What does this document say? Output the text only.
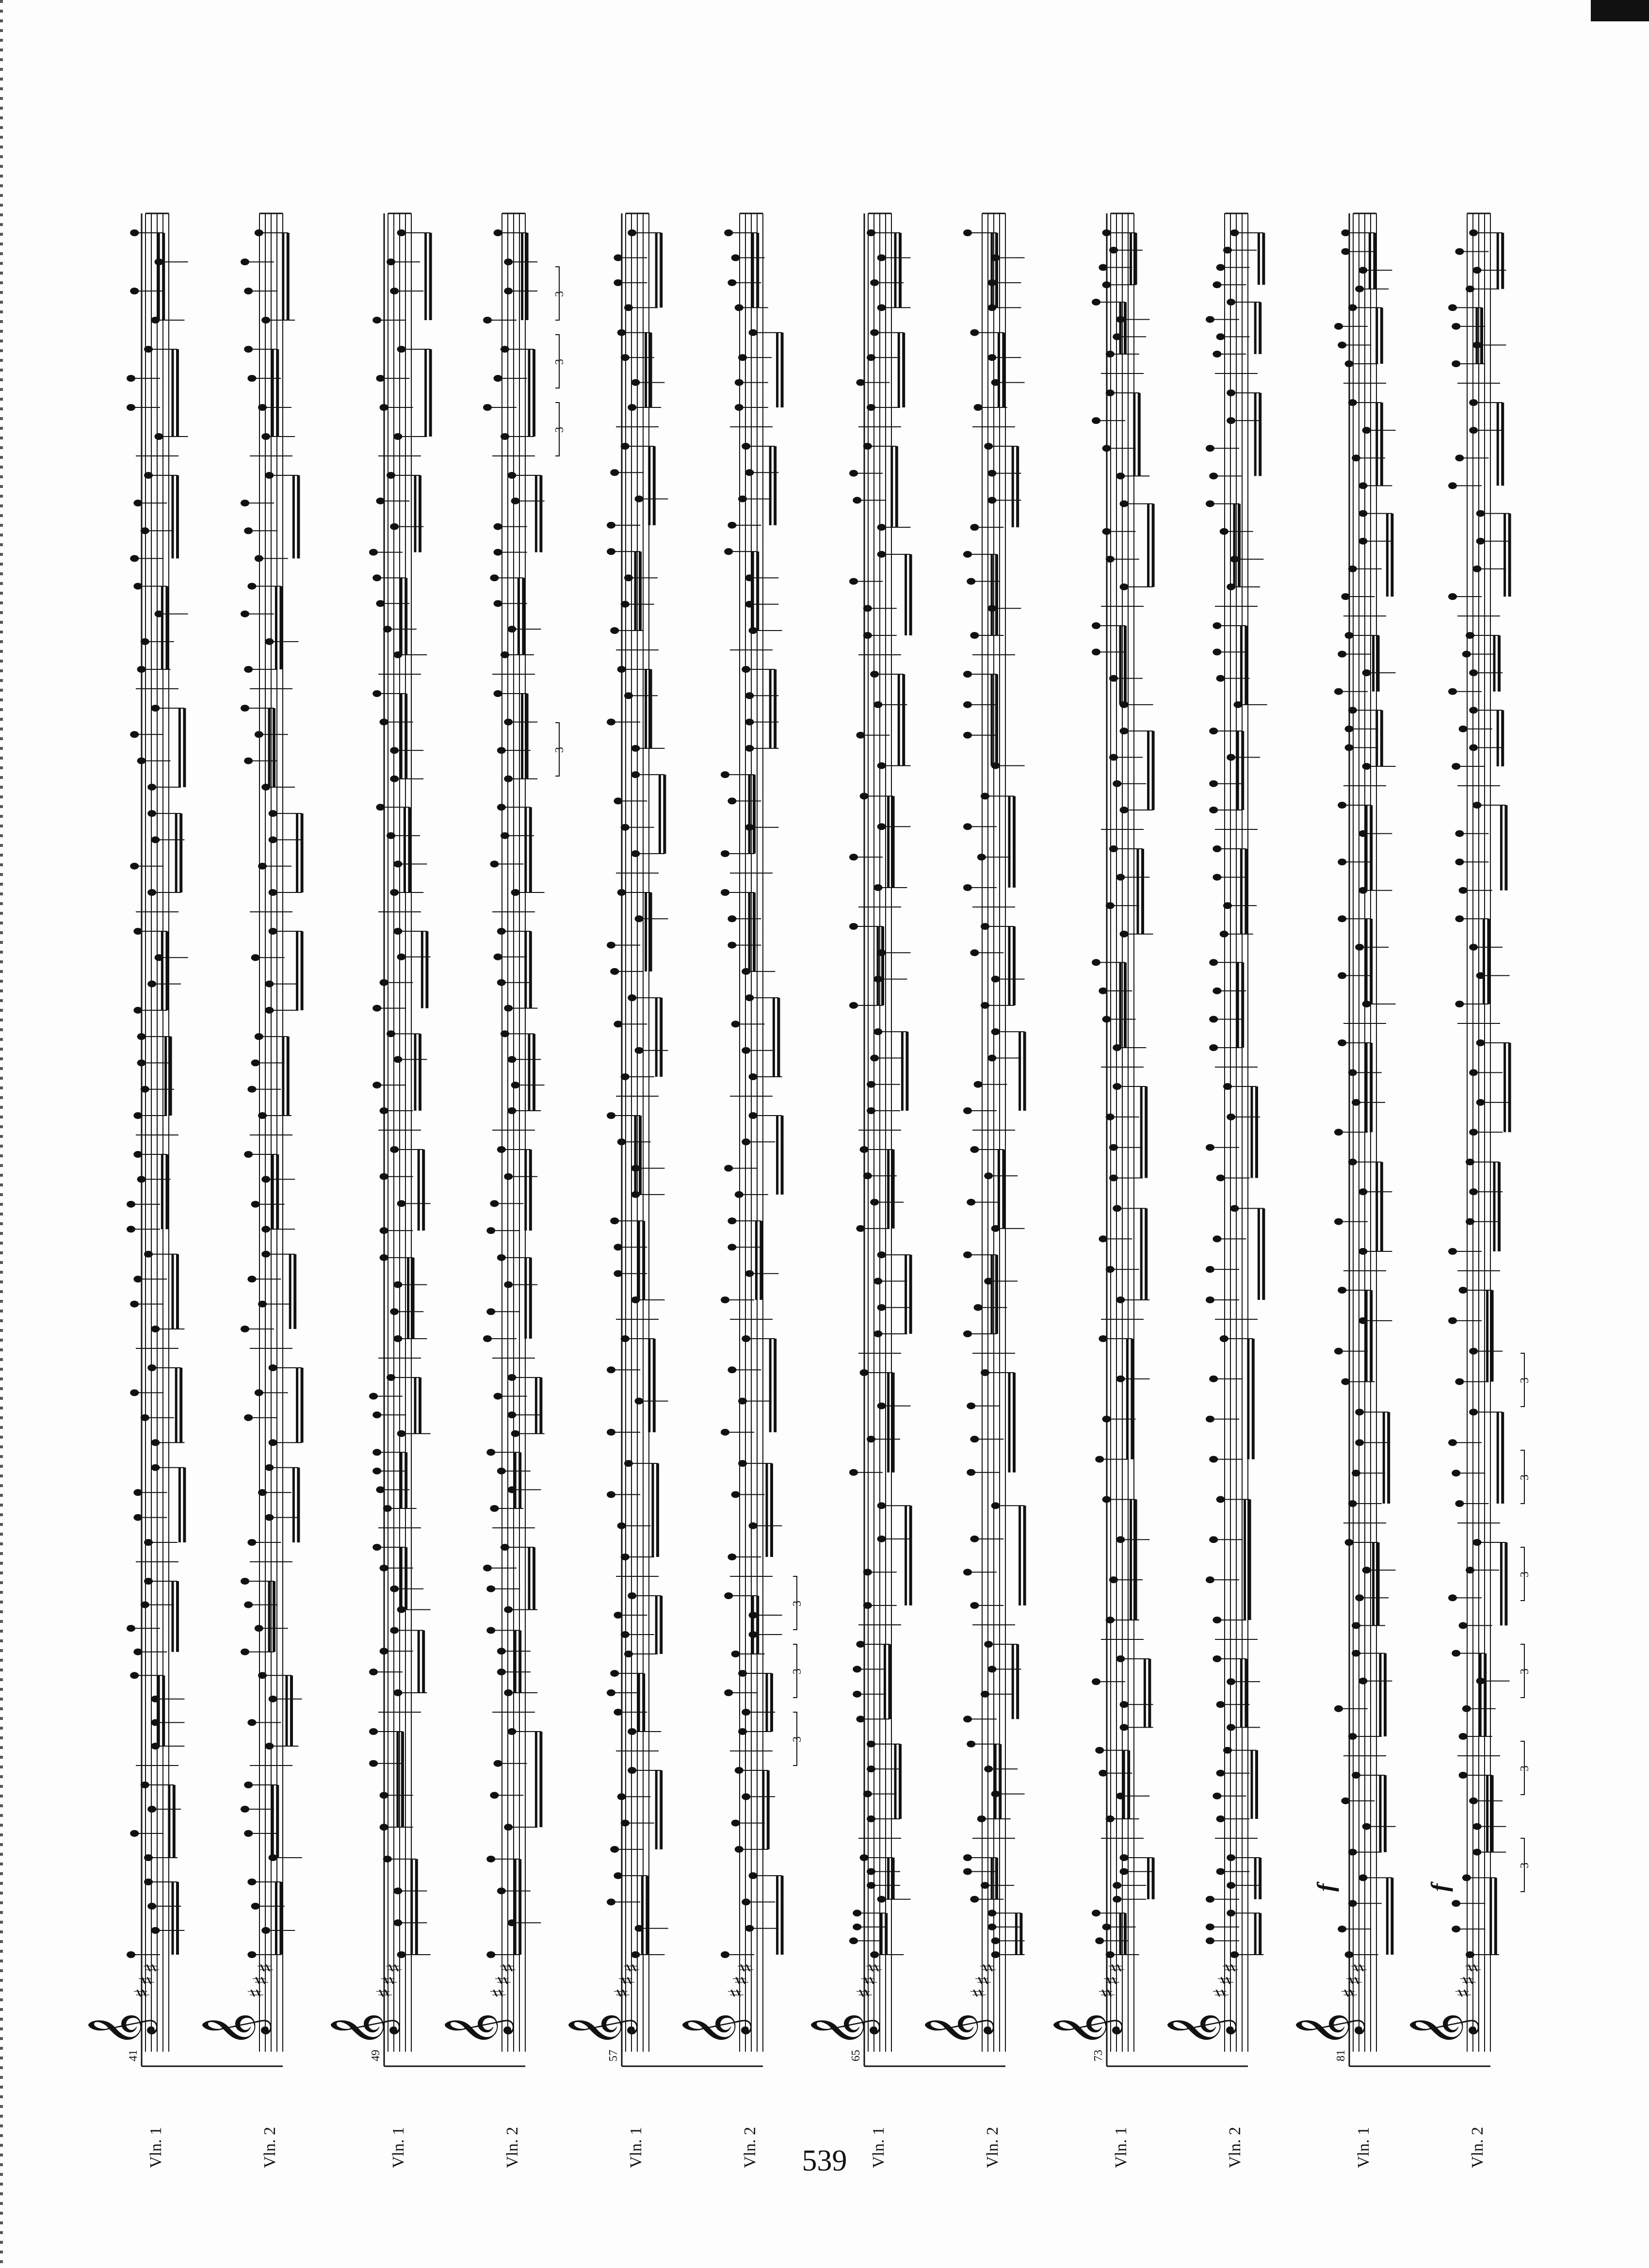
𝄞
♯
♯
♯
Vln. 1
𝄞
♯
♯
♯
Vln. 2
41
𝄞
♯
♯
♯
Vln. 1
𝄞
♯
♯
♯
Vln. 2
49
3
3
3
3
𝄞
♯
♯
♯
Vln. 1
𝄞
♯
♯
♯
Vln. 2
57
3
3
3
𝄞
♯
♯
♯
Vln. 1
𝄞
♯
♯
♯
Vln. 2
65
𝄞
♯
♯
♯
Vln. 1
𝄞
♯
♯
♯
Vln. 2
73
𝄞
♯
♯
♯
Vln. 1
𝄞
♯
♯
♯
Vln. 2
81
f	f
3
3
3
3
3
3
539
